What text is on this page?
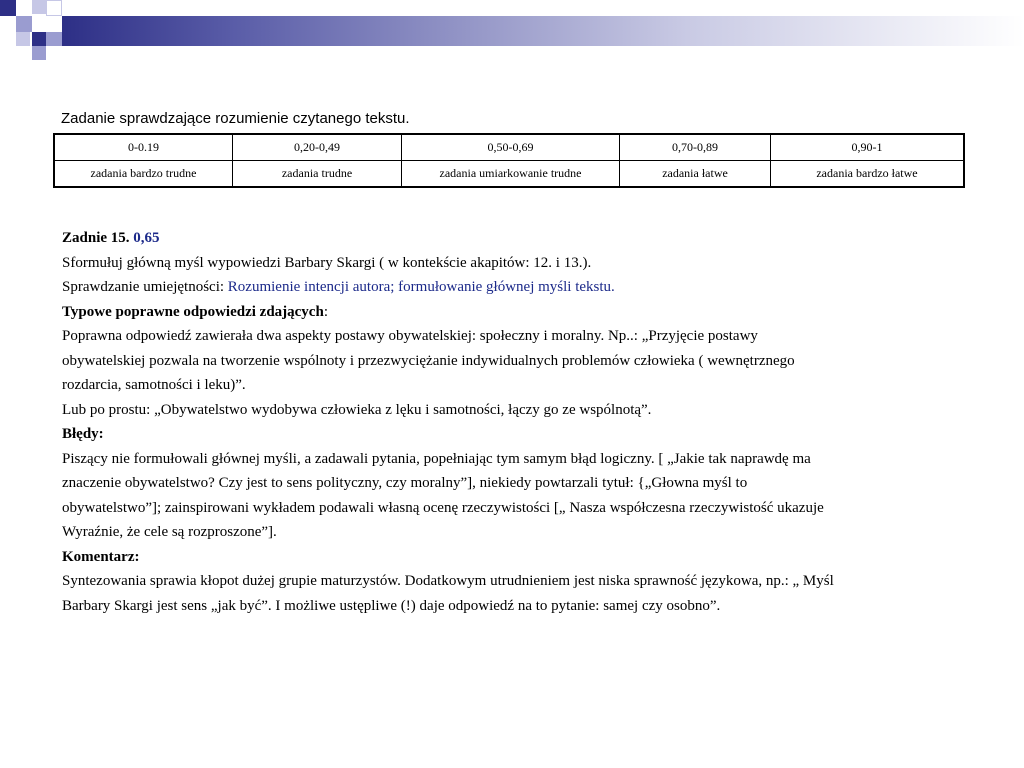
Zadanie sprawdzające rozumienie czytanego tekstu.
0-0.19	0,20-0,49	0,50-0,69	0,70-0,89	0,90-1
zadania bardzo trudne	zadania trudne	zadania umiarkowanie trudne	zadania łatwe	zadania bardzo łatwe

Zadnie 15. 0,65

Sformułuj główną myśl wypowiedzi Barbary Skargi ( w kontekście akapitów: 12. i 13.).

Sprawdzanie umiejętności: Rozumienie intencji autora; formułowanie głównej myśli tekstu.

Typowe poprawne odpowiedzi zdających:

Poprawna odpowiedź zawierała dwa aspekty postawy obywatelskiej: społeczny i moralny. Np..: „Przyjęcie postawy

obywatelskiej pozwala na tworzenie wspólnoty i przezwyciężanie indywidualnych problemów człowieka ( wewnętrznego

rozdarcia, samotności i leku)”.

Lub po prostu: „Obywatelstwo wydobywa człowieka z lęku i samotności, łączy go ze wspólnotą”.

Błędy:

Piszący nie formułowali głównej myśli, a zadawali pytania, popełniając tym samym błąd logiczny. [ „Jakie tak naprawdę ma

znaczenie obywatelstwo? Czy jest to sens polityczny, czy moralny”], niekiedy powtarzali tytuł: {„Głowna myśl to

obywatelstwo”]; zainspirowani wykładem podawali własną ocenę rzeczywistości [„ Nasza współczesna rzeczywistość ukazuje

Wyraźnie, że cele są rozproszone”].

Komentarz:

Syntezowania sprawia kłopot dużej grupie maturzystów. Dodatkowym utrudnieniem jest niska sprawność językowa, np.: „ Myśl

Barbary Skargi jest sens „jak być”. I możliwe ustępliwe (!) daje odpowiedź na to pytanie: samej czy osobno”.
